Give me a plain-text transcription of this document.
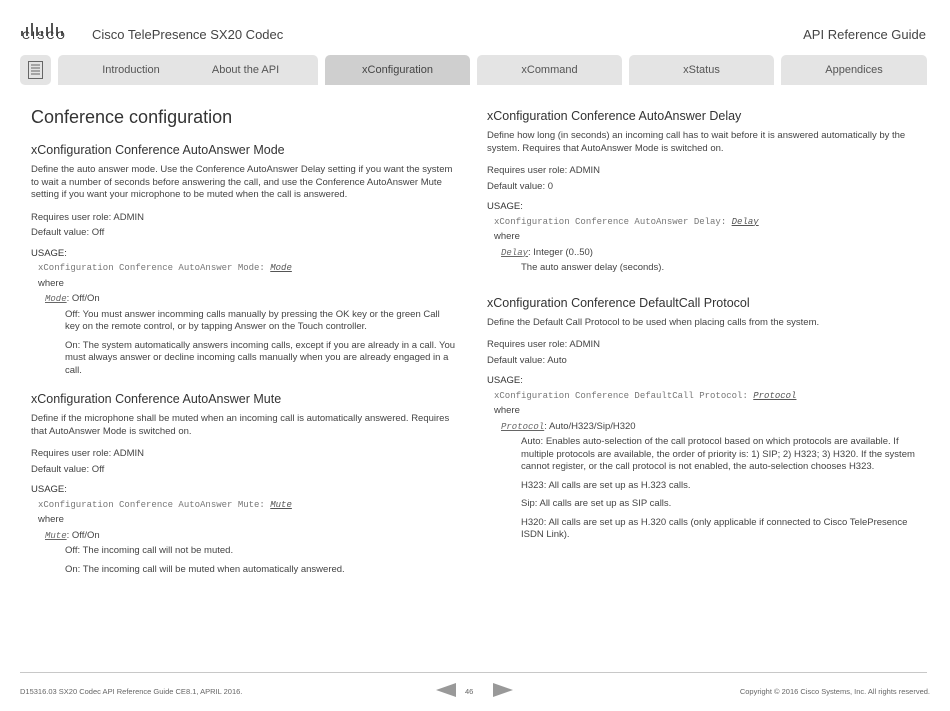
CISCO Cisco TelePresence SX20 Codec	API Reference Guide
Introduction	About the API	xConfiguration	xCommand	xStatus	Appendices
Conference configuration
xConfiguration Conference AutoAnswer Mode

Define the auto answer mode. Use the Conference AutoAnswer Delay setting if you want the system to wait a number of seconds before answering the call, and use the Conference AutoAnswer Mute setting if you want your microphone to be muted when the call is answered.

Requires user role: ADMIN

Default value: Off

USAGE:
xConfiguration Conference AutoAnswer Mode: Mode
where
Mode: Off/On

Off: You must answer incomming calls manually by pressing the OK key or the green Call key on the remote control, or by tapping Answer on the Touch controller.

On: The system automatically answers incoming calls, except if you are already in a call. You must always answer or decline incoming calls manually when you are already engaged in a call.

xConfiguration Conference AutoAnswer Mute

Define if the microphone shall be muted when an incoming call is automatically answered. Requires that AutoAnswer Mode is switched on.

Requires user role: ADMIN

Default value: Off

USAGE:
xConfiguration Conference AutoAnswer Mute: Mute
where
Mute: Off/On

Off: The incoming call will not be muted.

On: The incoming call will be muted when automatically answered.

xConfiguration Conference AutoAnswer Delay

Define how long (in seconds) an incoming call has to wait before it is answered automatically by the system. Requires that AutoAnswer Mode is switched on.

Requires user role: ADMIN

Default value: 0

USAGE:
xConfiguration Conference AutoAnswer Delay: Delay
where
Delay: Integer (0..50)

The auto answer delay (seconds).

xConfiguration Conference DefaultCall Protocol

Define the Default Call Protocol to be used when placing calls from the system.

Requires user role: ADMIN

Default value: Auto

USAGE:
xConfiguration Conference DefaultCall Protocol: Protocol
where
Protocol: Auto/H323/Sip/H320

Auto: Enables auto-selection of the call protocol based on which protocols are available. If multiple protocols are available, the order of priority is: 1) SIP; 2) H323; 3) H320. If the system cannot register, or the call protocol is not enabled, the auto-selection chooses H323.

H323: All calls are set up as H.323 calls.

Sip: All calls are set up as SIP calls.

H320: All calls are set up as H.320 calls (only applicable if connected to Cisco TelePresence ISDN Link).

D15316.03 SX20 Codec API Reference Guide CE8.1, APRIL 2016.	46	Copyright © 2016 Cisco Systems, Inc. All rights reserved.
